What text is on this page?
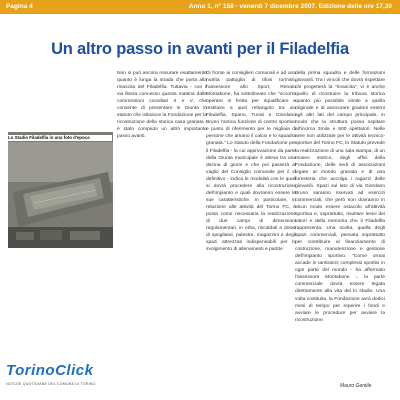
Pagina 4	Anno 1, n° 158 - venerdì 7 dicembre 2007. Edizione delle ore 17,30
Un altro passo in avanti per il Filadelfia
Lo Stadio Filadelfia in una foto d'epoca

Non si può ancora misurare esattamente quanto è lunga la strada che porta alla rinascita del Filadelfia. Tuttavia - con il via libera concesso questa mattina dalle commissioni consiliari II e V, che consente di presentare in Giunta lo statuto che istituisce la Fondazione per la ricostruzione della storica casa granata - è stato compiuto un altro importante passo avanti.

Di fronte ai consiglieri comunali e ad una nutrita pattuglia di tifosi torinisti, l'assessore allo Sport, Renato Montabone, ha sottolineato che "occorre operare in fretta per riqualificare e restituire a quel rettangolo tra via Filadelfia, Spano, Tunisi e Giordano Bruno l'antica funzione di centro sportivo e punto di riferimento per le migliaia di persone che amano il calcio e lo squadra granata." Lo statuto della Fondazione per il Filadelfia - la cui approvazione da parte della Giunta municipale è attesa tra una decina di giorni e che poi passerà al vaglio del Consiglio comunale per il sì definitivo - indica le modalità con le quali si dovrà procedere alla ricostruzione dell'impianto e quali dovranno essere le sue caratteristiche. In particolare, in relazione alle attività del Torino FC, è posta come necessaria la realizzazione di due campi di dimensioni regolamentari, in erba, riscaldati e dotati di spogliatoi, palestre, magazzini e degli spazi attrezzati indispensabili per lo svolgimento di allenamenti e partite

della prima squadra e delle formazioni giovanili. Tra i vincoli che dovrà rispettare chi progetterà la "rinascita", vi è anche quello di ricostruire la tribuna storica quanto più possibile simile a quella originale e di assicurare gradoni esterni agli altri lati del campo principale, in modo che la struttura possa ospitare all'incirca 3mila e 500 spettatori. Nelle aree non utilizzate per le attività tecnico-sportive del Torino FC, lo Statuto prevede la realizzazione di una sala stampa, di un museo storico, degli uffici della Fondazione, delle sedi di associazioni legate al mondo granata e di una foresteria che accolga i ragazzi delle giovanili. Spazi sul lato di via Giordano Bruno saranno riservati ad esercizi commerciali, che però non dovranno in alcun modo essere ostacolo all'attività sportiva e, soprattutto, risultare lesivi dei valori e della memoria che il Filadelfia rappresenta. Una scelta, quella degli spazi commerciali, pensata soprattutto per contribuire al finanziamento di costruzione, manutenzione e gestione dell'impianto sportivo. "Come ormai accade in tantissimi complessi sportivi in ogni parte del mondo - ha affermato l'assessore Montabone -, la parte commerciale dovrà essere legata direttamente alla vita del lo stadio. Una volta costituita, la Fondazione avrà dodici mesi di tempo per reperire i fondi e avviare le procedure per avviare la ricostruzione.

Mauro Gentile
TorinoClick
NOTIZIE QUOTIDIANE DEL COMUNE DI TORINO
